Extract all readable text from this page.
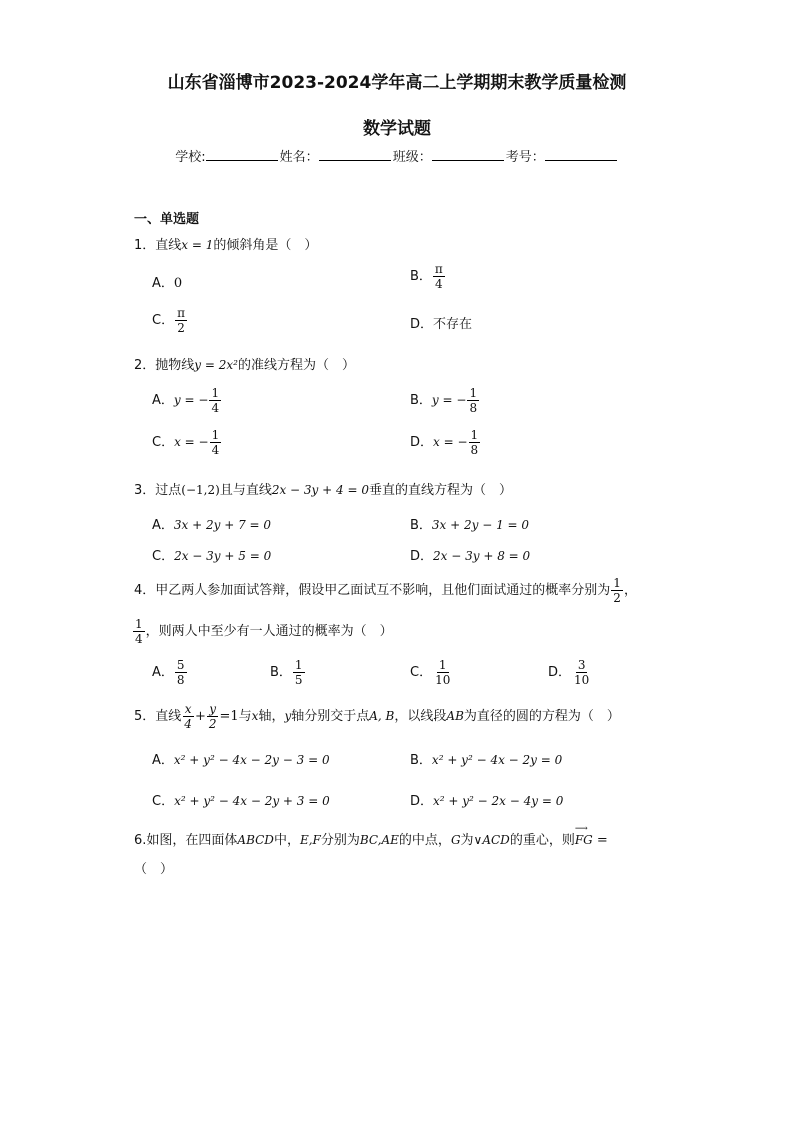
山东省淄博市2023-2024学年高二上学期期末教学质量检测
数学试题
学校:	姓名：	班级：	考号：
一、单选题
1．直线x = 1的倾斜角是（　）
A．0	B． $\frac{\pi}{4}$
C． $\frac{\pi}{2}$	D．不存在
2．抛物线y = 2x²的准线方程为（　）
A．y = − $\frac{1}{4}$	B．y = − $\frac{1}{8}$
C．x = − $\frac{1}{4}$	D．x = − $\frac{1}{8}$
3．过点(−1,2)且与直线2x − 3y + 4 = 0垂直的直线方程为（　）
A．3x + 2y + 7 = 0	B．3x + 2y − 1 = 0
C．2x − 3y + 5 = 0	D．2x − 3y + 8 = 0
4．甲乙两人参加面试答辩，假设甲乙面试互不影响，且他们面试通过的概率分别为 $\frac{1}{2}$ ，
$\frac{1}{4}$ ，则两人中至少有一人通过的概率为（　）
A． $\frac{5}{8}$	B． $\frac{1}{5}$	C． $\frac{1}{10}$	D． $\frac{3}{10}$
5．直线 $\frac{x}{4} + \frac{y}{2} =1$与x轴，y轴分别交于点A, B，以线段AB为直径的圆的方程为（　）
A．x² + y² − 4x − 2y − 3 = 0	B．x² + y² − 4x − 2y = 0
C．x² + y² − 4x − 2y + 3 = 0	D．x² + y² − 2x − 4y = 0
6.如图，在四面体ABCD中，E,F分别为BC,AE的中点，G为∨ACD的重心，则⟶ FG =
（　）
